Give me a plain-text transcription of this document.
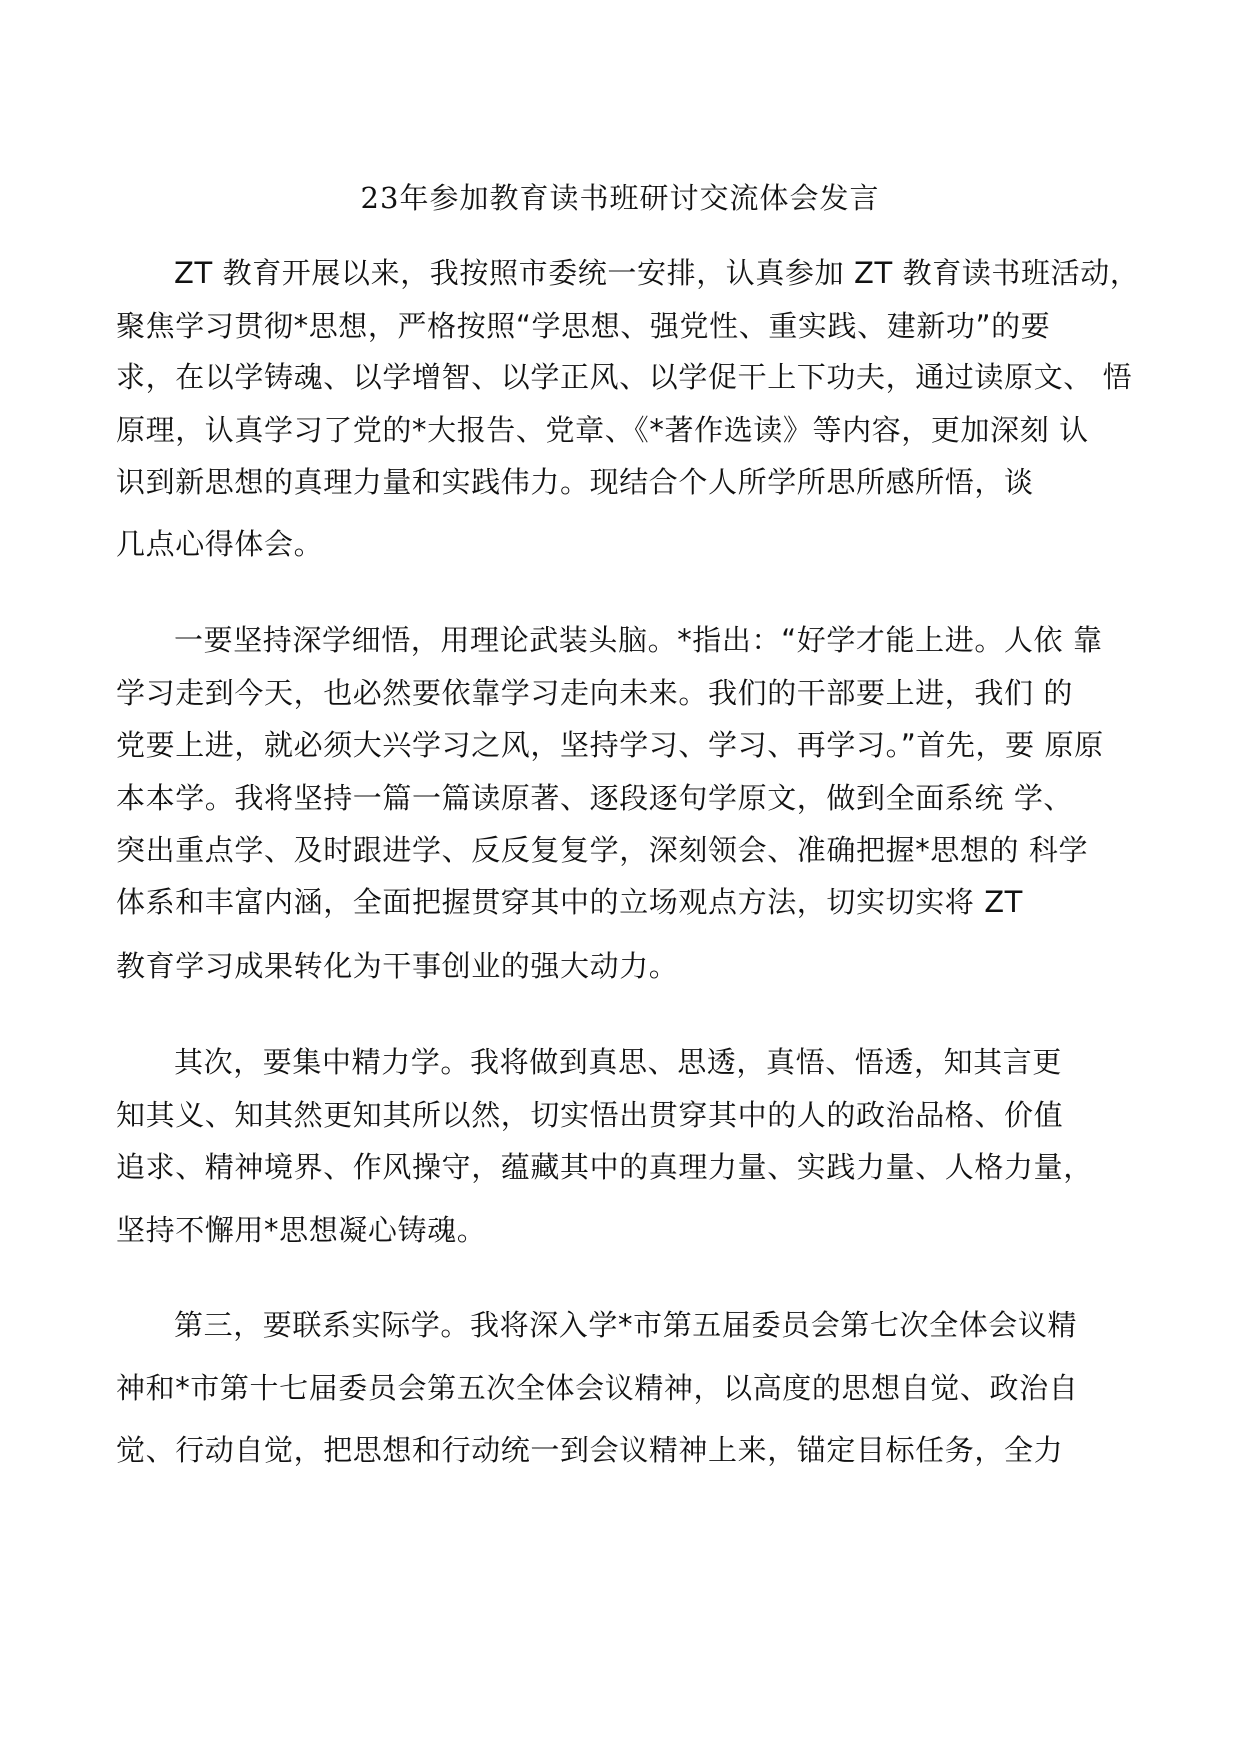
23年参加教育读书班研讨交流体会发言
ZT 教育开展以来，我按照市委统一安排，认真参加 ZT 教育读书班活动，
聚焦学习贯彻*思想，严格按照“学思想、强党性、重实践、建新功”的要
求，在以学铸魂、以学增智、以学正风、以学促干上下功夫，通过读原文、 悟
原理，认真学习了党的*大报告、党章、《*著作选读》等内容，更加深刻 认
识到新思想的真理力量和实践伟力。现结合个人所学所思所感所悟，谈
几点心得体会。
一要坚持深学细悟，用理论武装头脑。*指出：“好学才能上进。人依 靠
学习走到今天，也必然要依靠学习走向未来。我们的干部要上进，我们 的
党要上进，就必须大兴学习之风，坚持学习、学习、再学习。”首先，要 原原
本本学。我将坚持一篇一篇读原著、逐段逐句学原文，做到全面系统 学、
突出重点学、及时跟进学、反反复复学，深刻领会、准确把握*思想的 科学
体系和丰富内涵，全面把握贯穿其中的立场观点方法，切实切实将 ZT
教育学习成果转化为干事创业的强大动力。
其次，要集中精力学。我将做到真思、思透，真悟、悟透，知其言更
知其义、知其然更知其所以然，切实悟出贯穿其中的人的政治品格、价值
追求、精神境界、作风操守，蕴藏其中的真理力量、实践力量、人格力量，
坚持不懈用*思想凝心铸魂。
第三，要联系实际学。我将深入学*市第五届委员会第七次全体会议精
神和*市第十七届委员会第五次全体会议精神，以高度的思想自觉、政治自
觉、行动自觉，把思想和行动统一到会议精神上来，锚定目标任务，全力
